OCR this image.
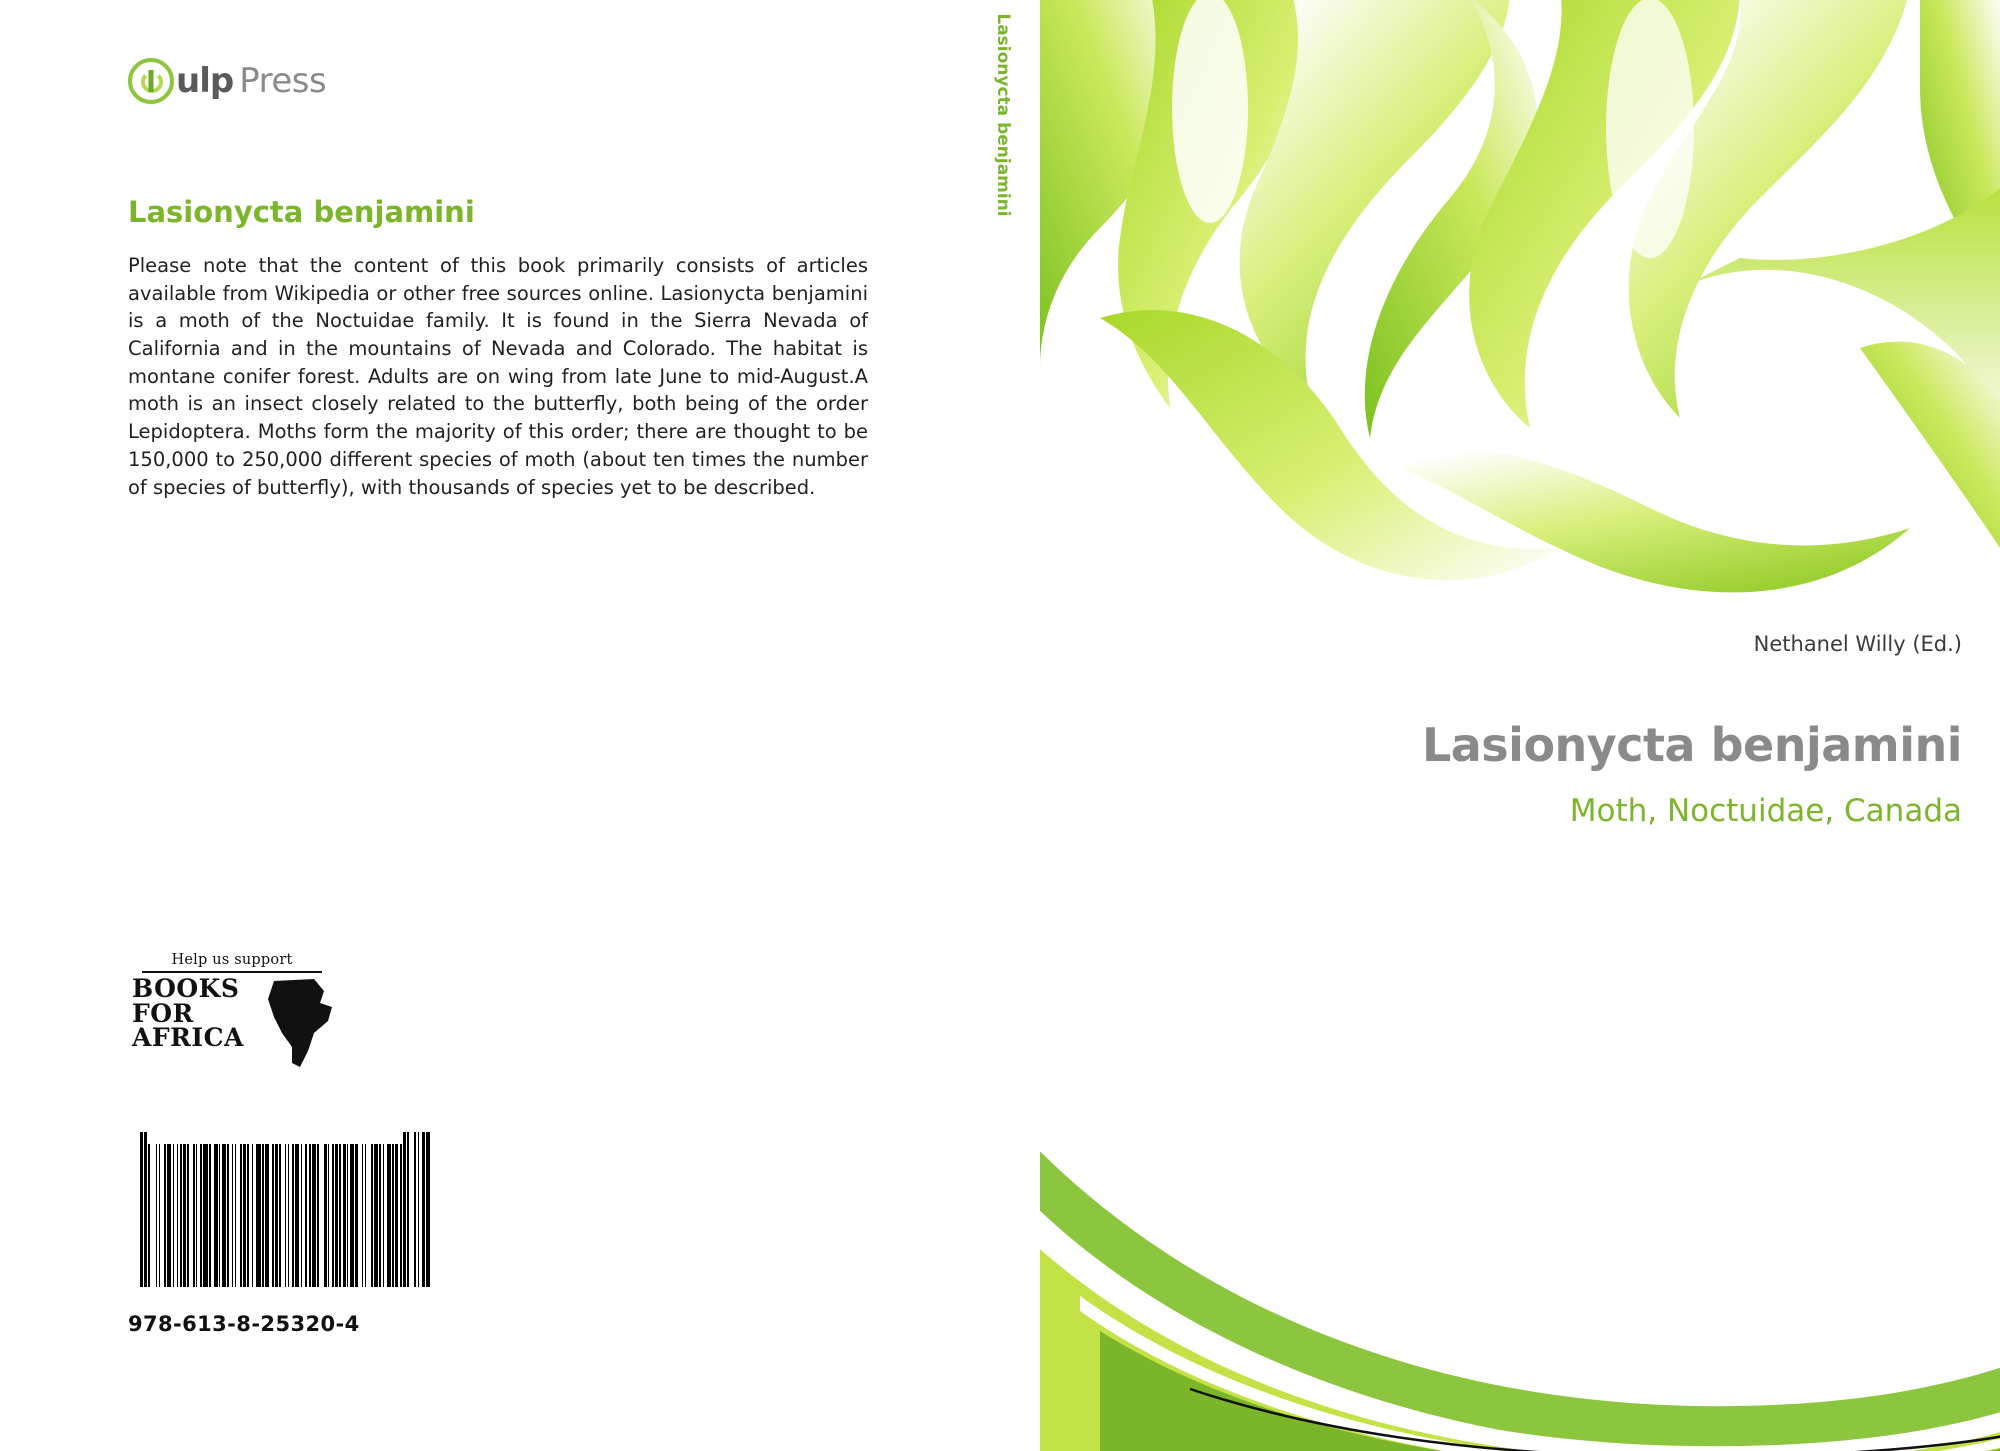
ulp Press
Lasionycta benjamini
Please note that the content of this book primarily consists of articles available from Wikipedia or other free sources online. Lasionycta benjamini is a moth of the Noctuidae family. It is found in the Sierra Nevada of California and in the mountains of Nevada and Colorado. The habitat is montane conifer forest. Adults are on wing from late June to mid-August.A moth is an insect closely related to the butterfly, both being of the order Lepidoptera. Moths form the majority of this order; there are thought to be 150,000 to 250,000 different species of moth (about ten times the number of species of butterfly), with thousands of species yet to be described.
Help us support
BOOKS
FOR
AFRICA
978-613-8-25320-4
Lasionycta benjamini
Nethanel Willy (Ed.)
Lasionycta benjamini
Moth, Noctuidae, Canada
